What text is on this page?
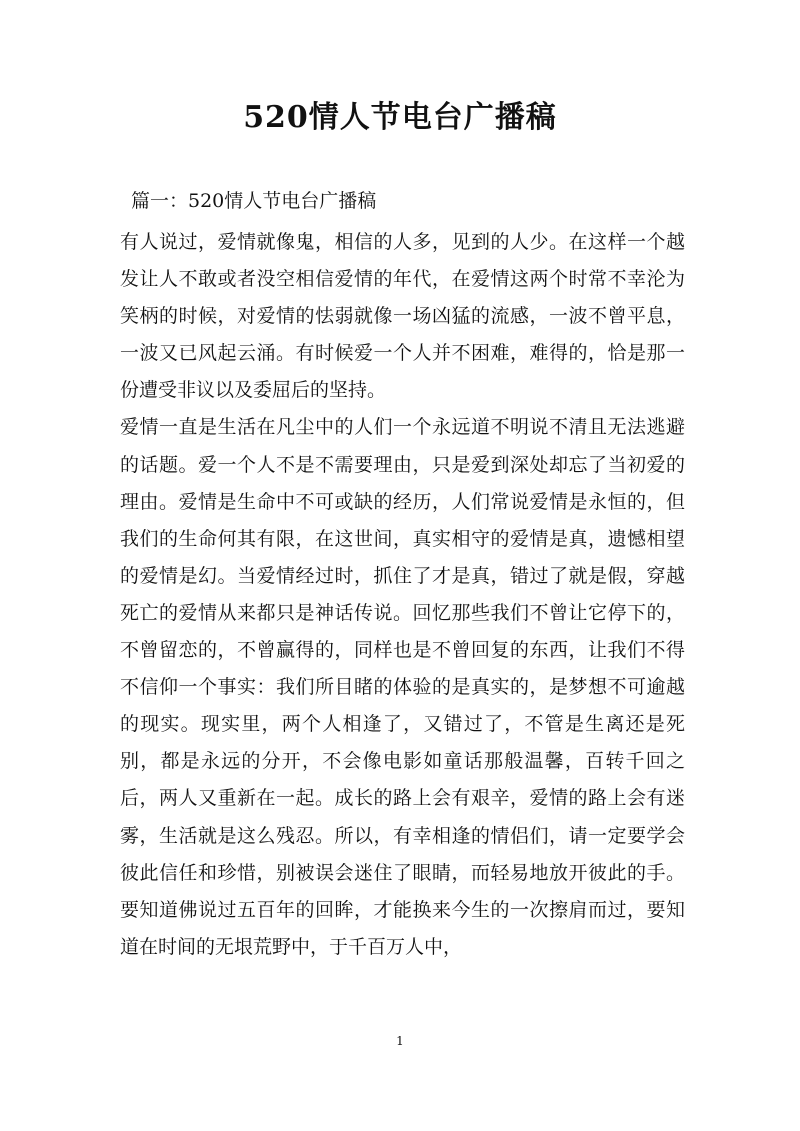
520情人节电台广播稿

篇一：520情人节电台广播稿

有人说过，爱情就像鬼，相信的人多，见到的人少。在这样一个越发让人不敢或者没空相信爱情的年代，在爱情这两个时常不幸沦为笑柄的时候，对爱情的怯弱就像一场凶猛的流感，一波不曾平息，一波又已风起云涌。有时候爱一个人并不困难，难得的，恰是那一份遭受非议以及委屈后的坚持。

爱情一直是生活在凡尘中的人们一个永远道不明说不清且无法逃避的话题。爱一个人不是不需要理由，只是爱到深处却忘了当初爱的理由。爱情是生命中不可或缺的经历，人们常说爱情是永恒的，但我们的生命何其有限，在这世间，真实相守的爱情是真，遗憾相望的爱情是幻。当爱情经过时，抓住了才是真，错过了就是假，穿越死亡的爱情从来都只是神话传说。回忆那些我们不曾让它停下的，不曾留恋的，不曾赢得的，同样也是不曾回复的东西，让我们不得不信仰一个事实：我们所目睹的体验的是真实的，是梦想不可逾越的现实。现实里，两个人相逢了，又错过了，不管是生离还是死别，都是永远的分开，不会像电影如童话那般温馨，百转千回之后，两人又重新在一起。成长的路上会有艰辛，爱情的路上会有迷雾，生活就是这么残忍。所以，有幸相逢的情侣们，请一定要学会彼此信任和珍惜，别被误会迷住了眼睛，而轻易地放开彼此的手。要知道佛说过五百年的回眸，才能换来今生的一次擦肩而过，要知道在时间的无垠荒野中，于千百万人中，

1
